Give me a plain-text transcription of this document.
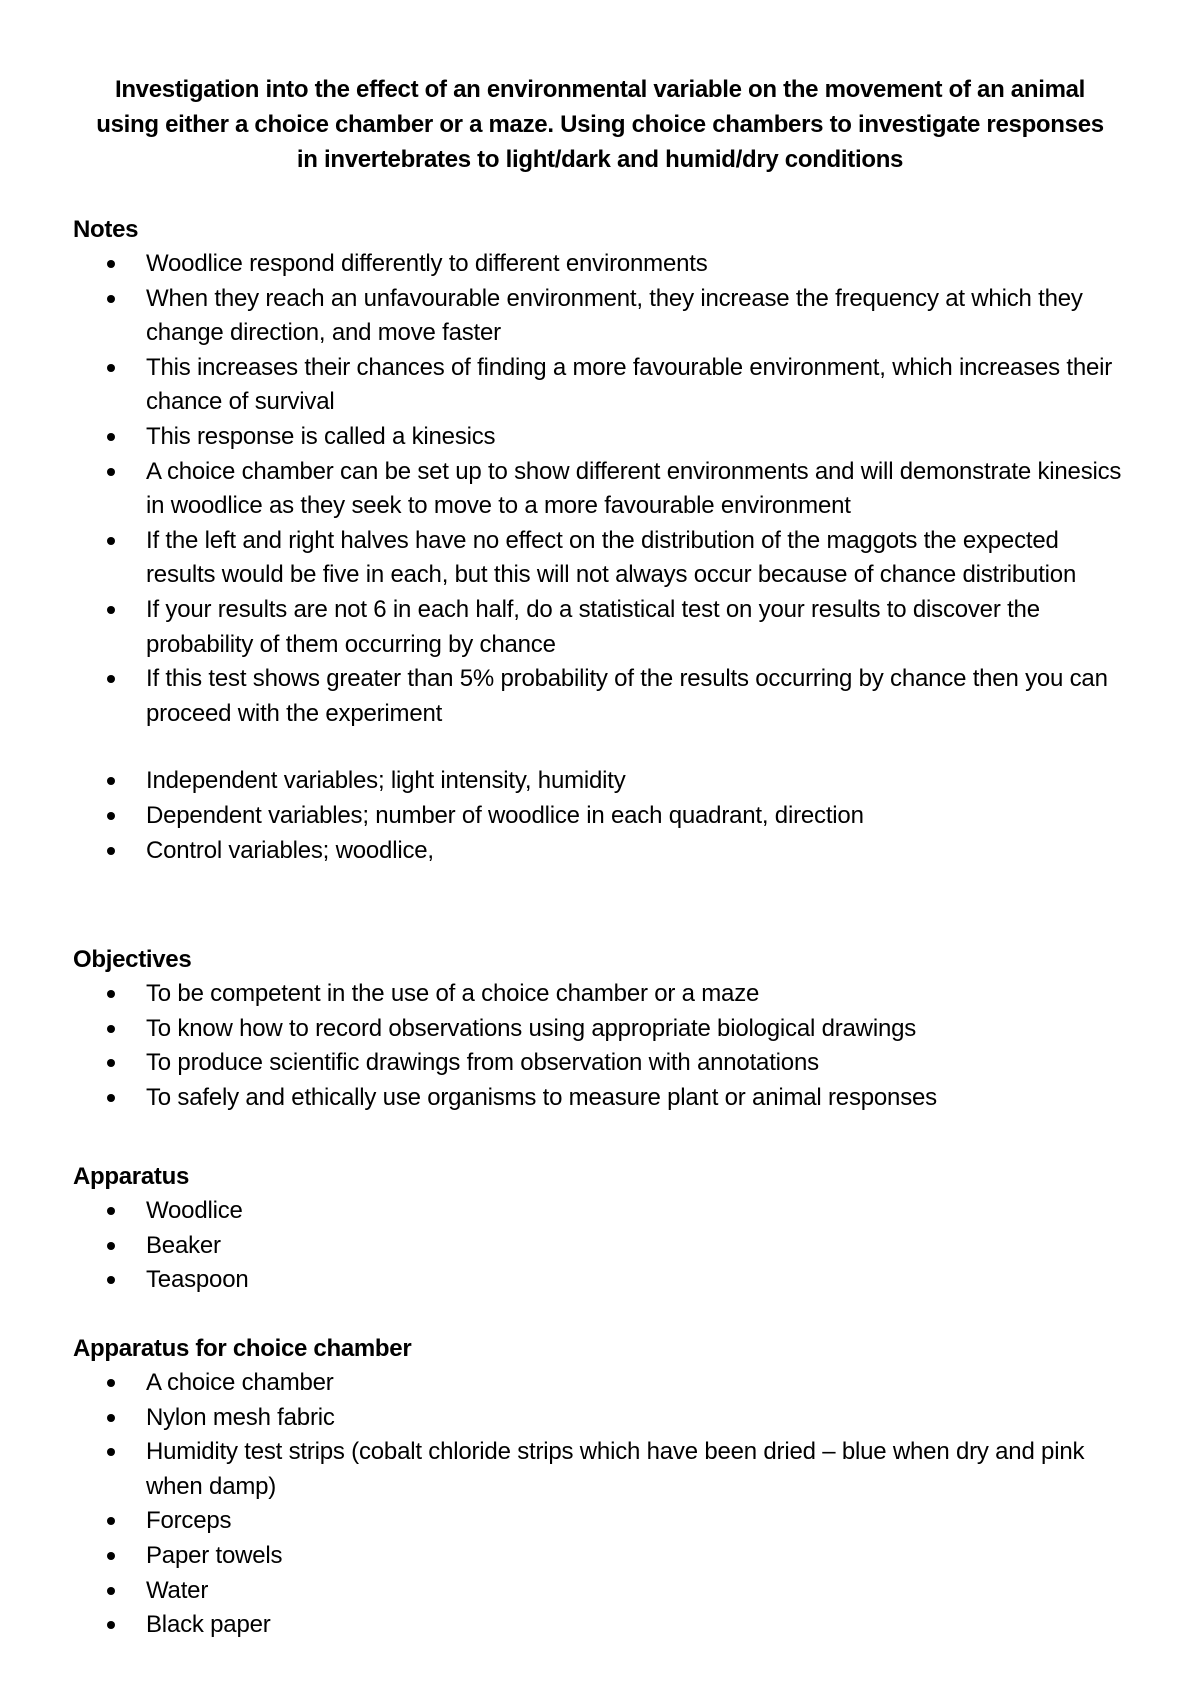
Investigation into the effect of an environmental variable on the movement of an animal
using either a choice chamber or a maze. Using choice chambers to investigate responses
in invertebrates to light/dark and humid/dry conditions
Notes
Woodlice respond differently to different environments
When they reach an unfavourable environment, they increase the frequency at which they change direction, and move faster
This increases their chances of finding a more favourable environment, which increases their chance of survival
This response is called a kinesics
A choice chamber can be set up to show different environments and will demonstrate kinesics in woodlice as they seek to move to a more favourable environment
If the left and right halves have no effect on the distribution of the maggots the expected results would be five in each, but this will not always occur because of chance distribution
If your results are not 6 in each half, do a statistical test on your results to discover the probability of them occurring by chance
If this test shows greater than 5% probability of the results occurring by chance then you can proceed with the experiment
Independent variables; light intensity, humidity
Dependent variables; number of woodlice in each quadrant, direction
Control variables; woodlice,
Objectives
To be competent in the use of a choice chamber or a maze
To know how to record observations using appropriate biological drawings
To produce scientific drawings from observation with annotations
To safely and ethically use organisms to measure plant or animal responses
Apparatus
Woodlice
Beaker
Teaspoon
Apparatus for choice chamber
A choice chamber
Nylon mesh fabric
Humidity test strips (cobalt chloride strips which have been dried – blue when dry and pink when damp)
Forceps
Paper towels
Water
Black paper
